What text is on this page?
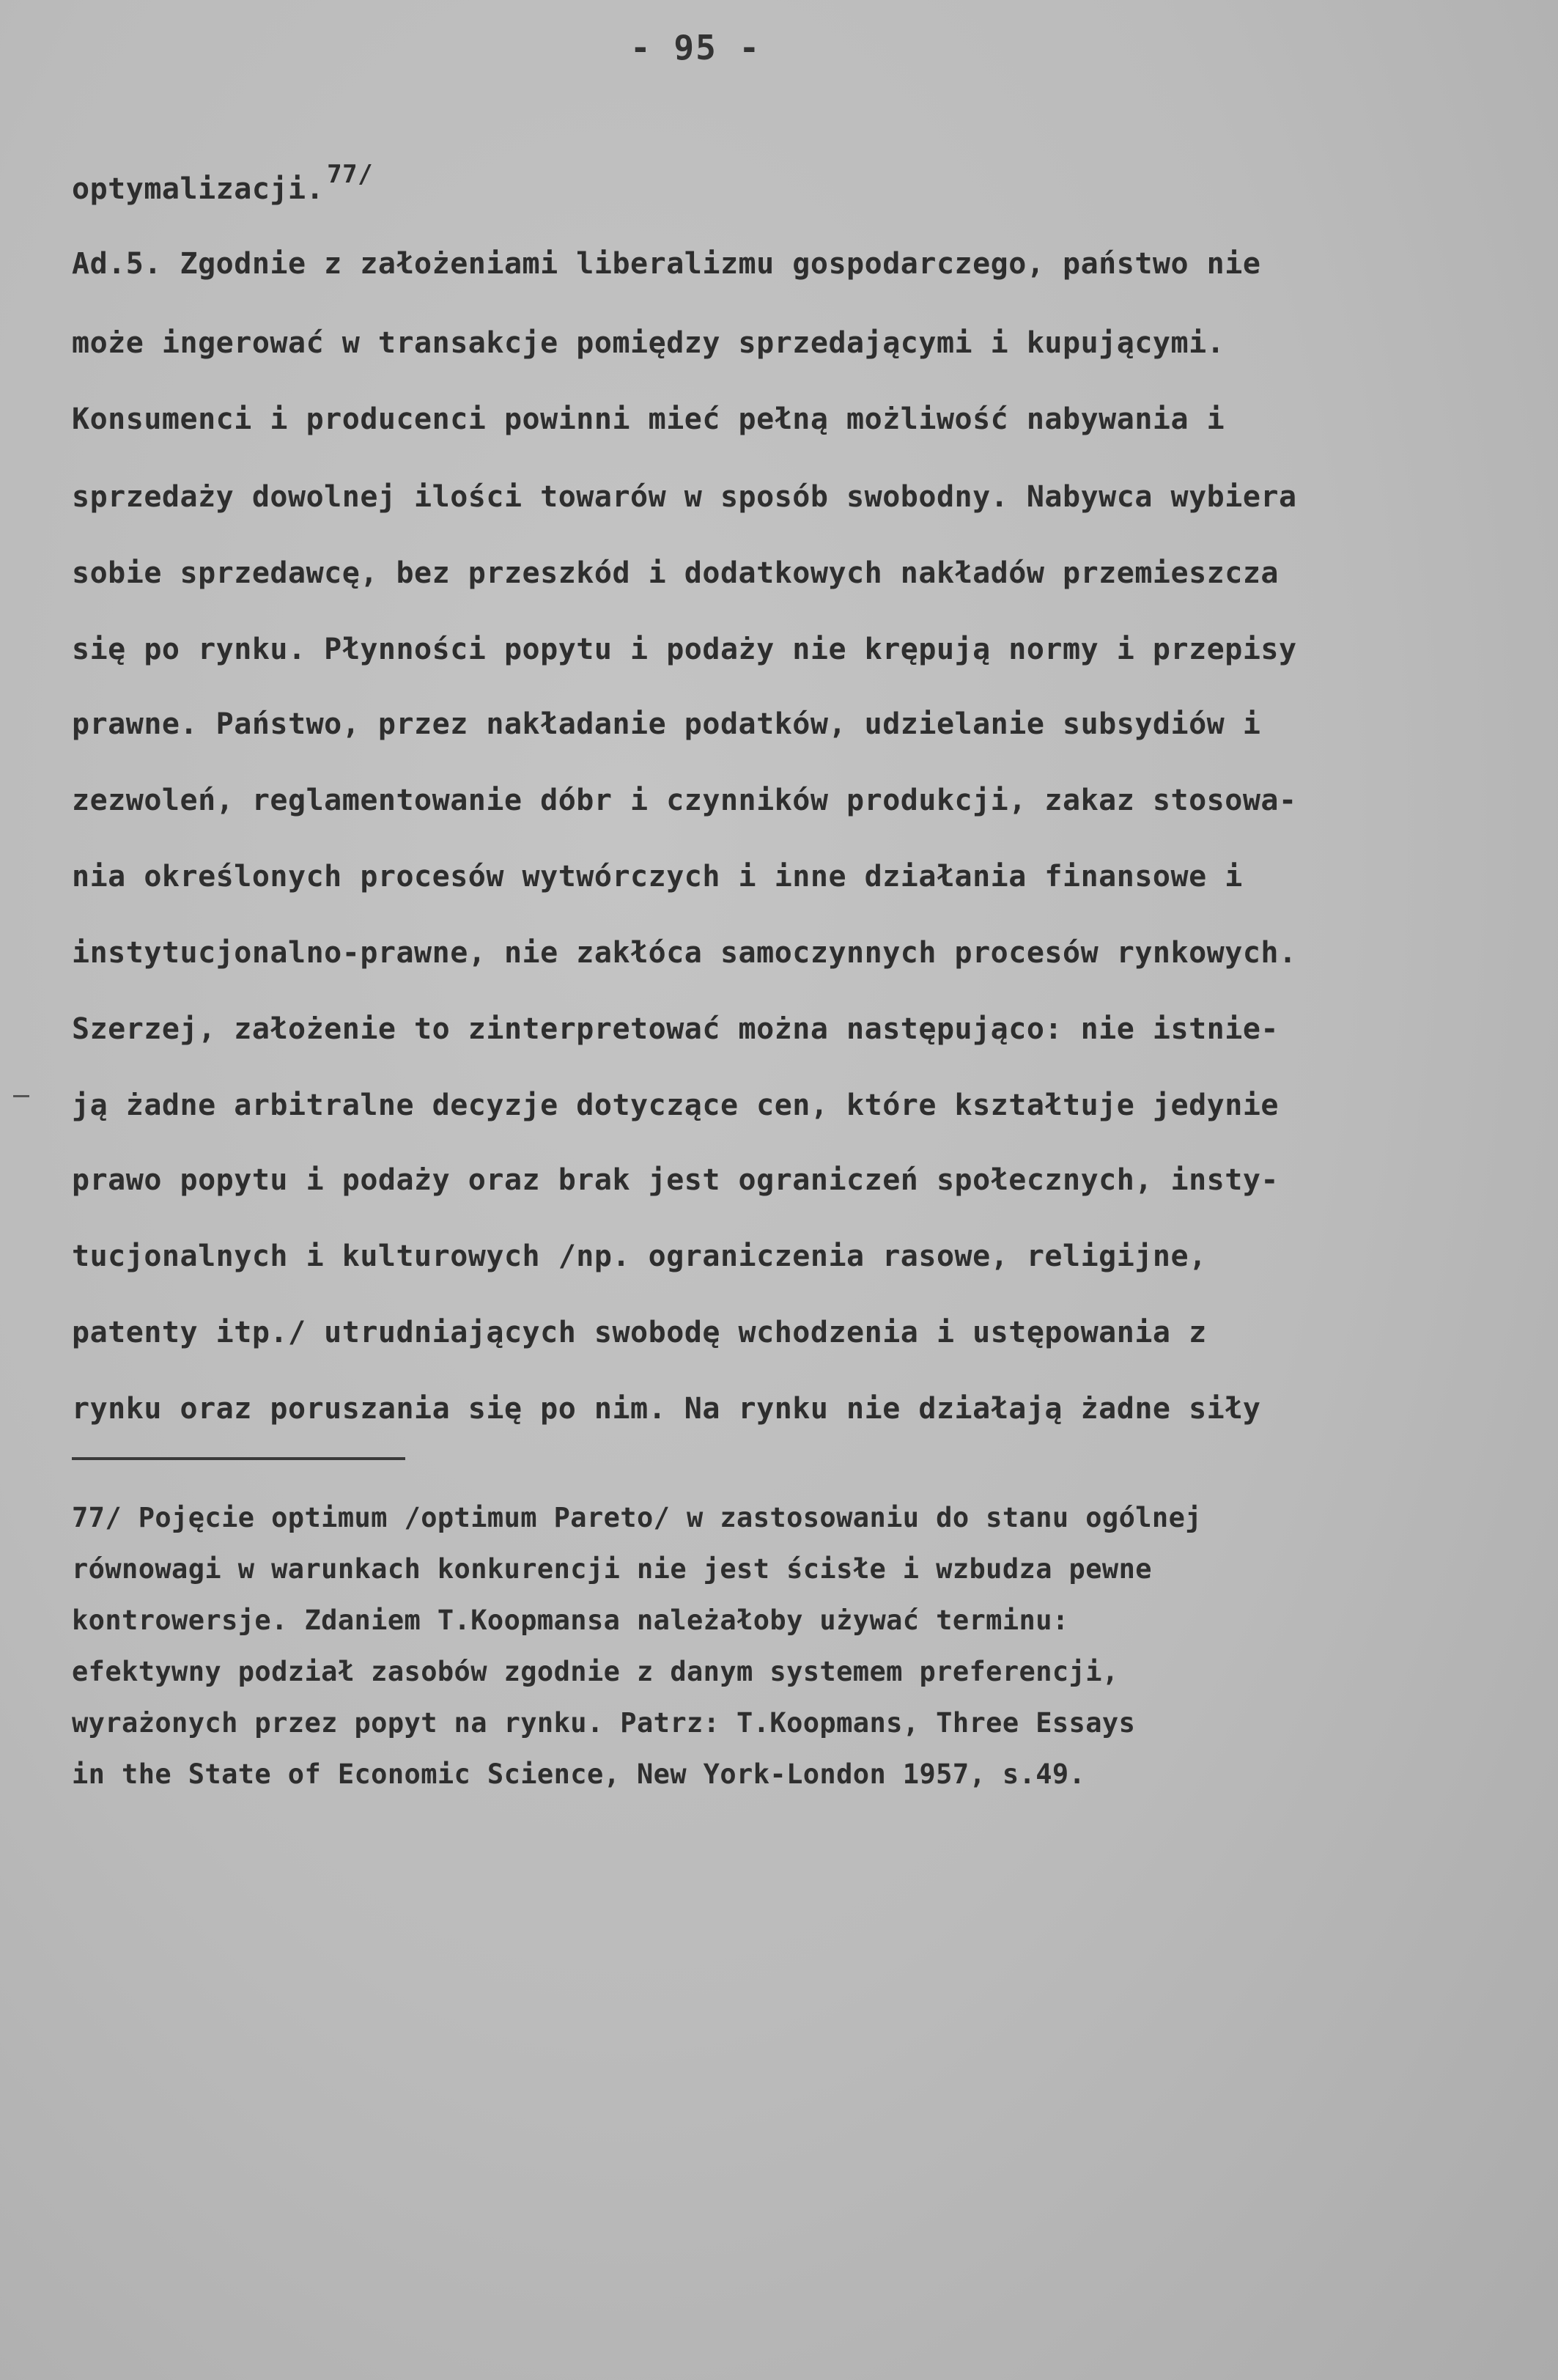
- 95 -
optymalizacji. $^{77/}$
Ad.5. Zgodnie z założeniami liberalizmu gospodarczego, państwo nie
może ingerować w transakcje pomiędzy sprzedającymi i kupującymi.
Konsumenci i producenci powinni mieć pełną możliwość nabywania i
sprzedaży dowolnej ilości towarów w sposób swobodny. Nabywca wybiera
sobie sprzedawcę, bez przeszkód i dodatkowych nakładów przemieszcza
się po rynku. Płynności popytu i podaży nie krępują normy i przepisy
prawne. Państwo, przez nakładanie podatków, udzielanie subsydiów i
zezwoleń, reglamentowanie dóbr i czynników produkcji, zakaz stosowa-
nia określonych procesów wytwórczych i inne działania finansowe i
instytucjonalno-prawne, nie zakłóca samoczynnych procesów rynkowych.
Szerzej, założenie to zinterpretować można następująco: nie istnie-
ją żadne arbitralne decyzje dotyczące cen, które kształtuje jedynie
prawo popytu i podaży oraz brak jest ograniczeń społecznych, insty-
tucjonalnych i kulturowych /np. ograniczenia rasowe, religijne,
patenty itp./ utrudniających swobodę wchodzenia i ustępowania z
rynku oraz poruszania się po nim. Na rynku nie działają żadne siły
77/ Pojęcie optimum /optimum Pareto/ w zastosowaniu do stanu ogólnej
równowagi w warunkach konkurencji nie jest ścisłe i wzbudza pewne
kontrowersje. Zdaniem T.Koopmansa należałoby używać terminu:
efektywny podział zasobów zgodnie z danym systemem preferencji,
wyrażonych przez popyt na rynku. Patrz: T.Koopmans, Three Essays
in the State of Economic Science, New York-London 1957, s.49.
